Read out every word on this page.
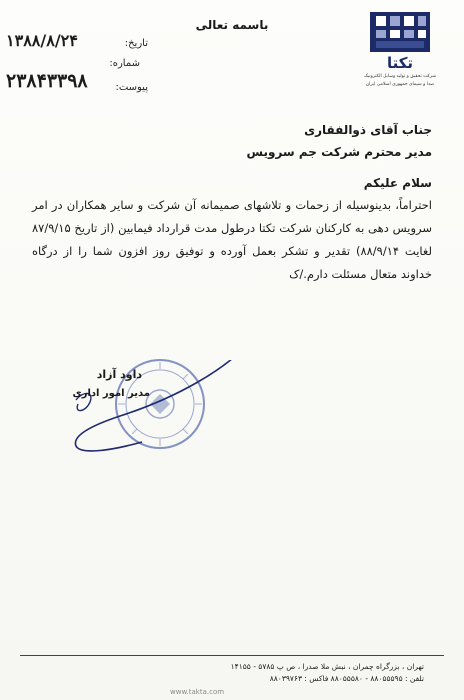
باسمه تعالی
تکتا
شرکت تحقیق و تولید وسایل الکترونیک
صدا و سیمای جمهوری اسلامی ایران
تاریخ:
۱۳۸۸/۸/۲۴
شماره:
پیوست:
۲۳۸۴۳۳۹۸
جناب آقای ذوالفقاری
مدیر محترم شرکت جم سرویس
سلام علیکم
احتراماً، بدینوسیله از زحمات و تلاشهای صمیمانه آن شرکت و سایر همکاران در امر سرویس دهی به کارکنان شرکت تکتا درطول مدت قرارداد فیمابین (از تاریخ ۸۷/۹/۱۵ لغایت ۸۸/۹/۱۴) تقدیر و تشکر بعمل آورده و توفیق روز افزون شما را از درگاه خداوند متعال مسئلت دارم./ک
داود آزاد
مدیر امور اداری
تهران ، بزرگراه چمران ، نبش ملا صدرا ، ص پ ۵۷۸۵ - ۱۴۱۵۵
تلفن : ۸۸۰۵۵۵۹۵ - ۸۸۰۵۵۵۸۰ فاکس : ۸۸۰۳۹۷۶۳
www.takta.com
